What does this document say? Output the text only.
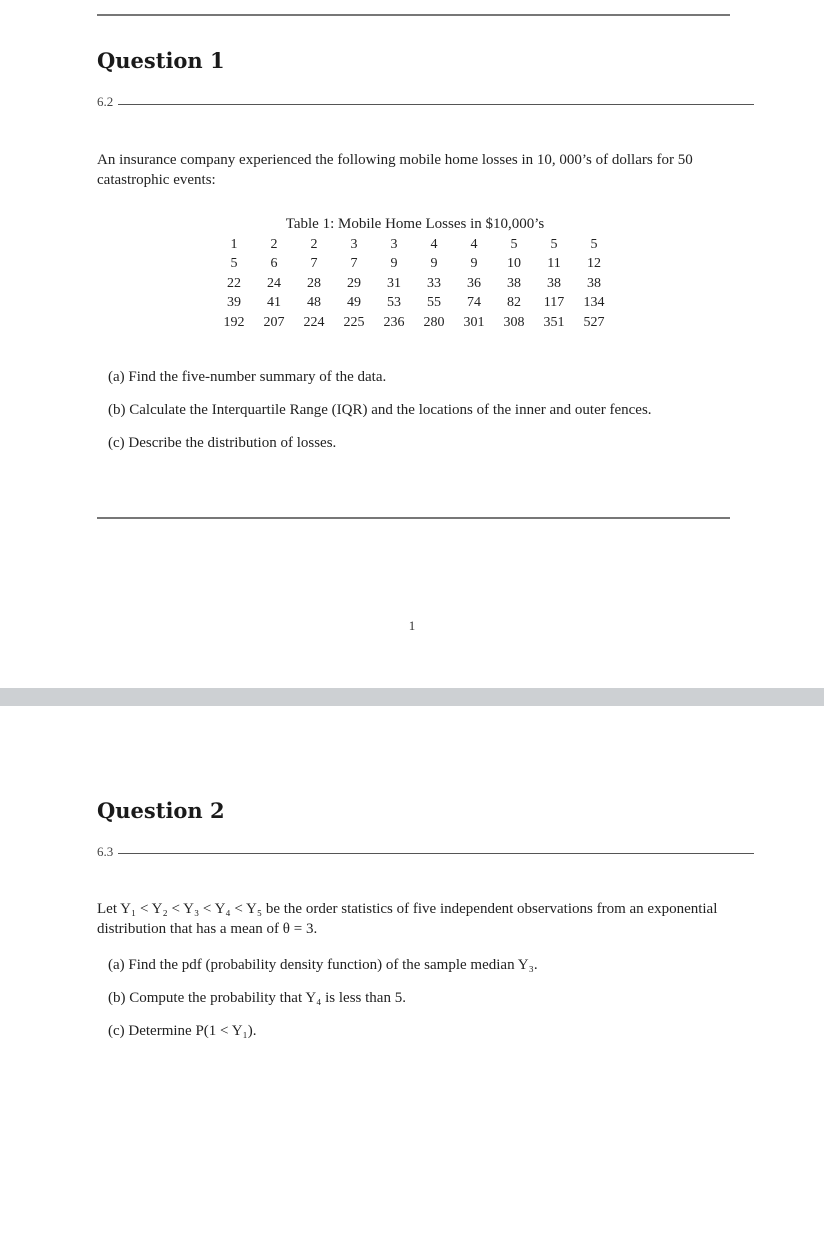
Question 1
6.2
An insurance company experienced the following mobile home losses in 10, 000’s of dollars for 50 catastrophic events:
Table 1: Mobile Home Losses in $10,000’s
1	2	2	3	3	4	4	5	5	5
5	6	7	7	9	9	9	10	11	12
22	24	28	29	31	33	36	38	38	38
39	41	48	49	53	55	74	82	117	134
192	207	224	225	236	280	301	308	351	527
(a) Find the five-number summary of the data.
(b) Calculate the Interquartile Range (IQR) and the locations of the inner and outer fences.
(c) Describe the distribution of losses.
1
Question 2
6.3
Let Y₁ < Y₂ < Y₃ < Y₄ < Y₅ be the order statistics of five independent observations from an exponential distribution that has a mean of θ = 3.
(a) Find the pdf (probability density function) of the sample median Y₃.
(b) Compute the probability that Y₄ is less than 5.
(c) Determine P(1 < Y₁).
